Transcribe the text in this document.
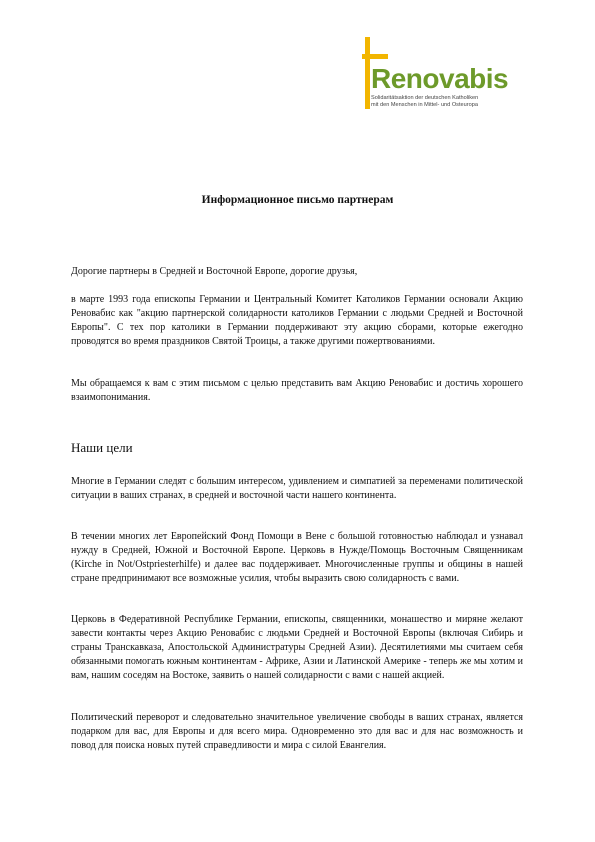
Renovabis
Solidaritätsaktion der deutschen Katholiken
mit den Menschen in Mittel- und Osteuropa
Информационное письмо партнерам
Дорогие партнеры в Средней и Восточной Европе, дорогие друзья,
в марте 1993 года епископы Германии и Центральный Комитет Католиков Германии основали Акцию Реновабис как "акцию партнерской солидарности католиков Германии с людьми Средней и Восточной Европы". С тех пор католики в Германии поддерживают эту акцию сборами, которые ежегодно проводятся во время праздников Святой Троицы, а также другими пожертвованиями.
Мы обращаемся к вам с этим письмом с целью представить вам Акцию Реновабис и достичь хорошего взаимопонимания.
Наши цели
Многие в Германии следят с большим интересом, удивлением и симпатией за переменами политической ситуации в ваших странах, в средней и восточной части нашего континента.
В течении многих лет Европейский Фонд Помощи в Вене с большой готовностью наблюдал и узнавал нужду в Средней, Южной и Восточной Европе. Церковь в Нужде/Помощь Восточным Священникам (Kirche in Not/Ostpriesterhilfe) и далее вас поддерживает. Многочисленные группы и общины в нашей стране предпринимают все возможные усилия, чтобы выразить свою солидарность с вами.
Церковь в Федеративной Республике Германии, епископы, священники, монашество и миряне желают завести контакты через Акцию Реновабис с людьми Средней и Восточной Европы (включая Сибирь и страны Транскавказа, Апостольской Администратуры Средней Азии). Десятилетиями мы считаем себя обязанными помогать южным континентам - Африке, Азии и Латинской Америке - теперь же мы хотим и вам, нашим соседям на Востоке, заявить о нашей солидарности с вами с нашей акцией.
Политический переворот и следовательно значительное увеличение свободы в ваших странах, является подарком для вас, для Европы и для всего мира. Одновременно это для вас и для нас возможность и повод для поиска новых путей справедливости и мира с силой Евангелия.
